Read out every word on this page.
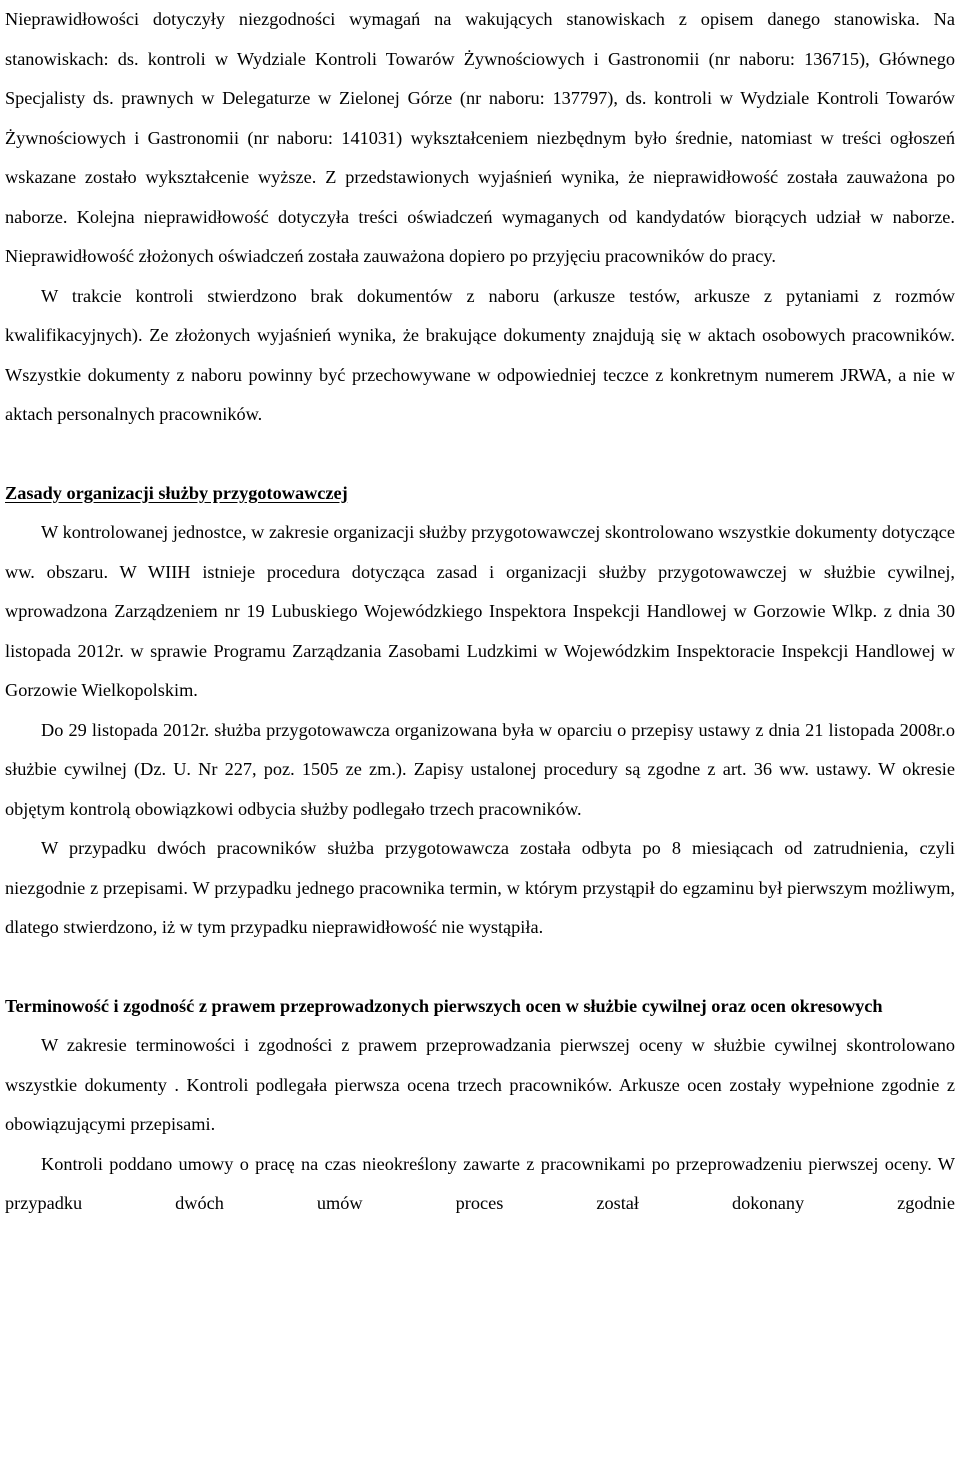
Nieprawidłowości dotyczyły niezgodności wymagań na wakujących stanowiskach z opisem danego stanowiska. Na stanowiskach: ds. kontroli w Wydziale Kontroli Towarów Żywnościowych i Gastronomii (nr naboru: 136715), Głównego Specjalisty ds. prawnych w Delegaturze w Zielonej Górze (nr naboru: 137797), ds. kontroli w Wydziale Kontroli Towarów Żywnościowych i Gastronomii (nr naboru: 141031) wykształceniem niezbędnym było średnie, natomiast w treści ogłoszeń wskazane zostało wykształcenie wyższe. Z przedstawionych wyjaśnień wynika, że nieprawidłowość została zauważona po naborze. Kolejna nieprawidłowość dotyczyła treści oświadczeń wymaganych od kandydatów biorących udział w naborze. Nieprawidłowość złożonych oświadczeń została zauważona dopiero po przyjęciu pracowników do pracy.

W trakcie kontroli stwierdzono brak dokumentów z naboru (arkusze testów, arkusze z pytaniami z rozmów kwalifikacyjnych). Ze złożonych wyjaśnień wynika, że brakujące dokumenty znajdują się w aktach osobowych pracowników. Wszystkie dokumenty z naboru powinny być przechowywane w odpowiedniej teczce z konkretnym numerem JRWA, a nie w aktach personalnych pracowników.

Zasady organizacji służby przygotowawczej

W kontrolowanej jednostce, w zakresie organizacji służby przygotowawczej skontrolowano wszystkie dokumenty dotyczące ww. obszaru. W WIIH istnieje procedura dotycząca zasad i organizacji służby przygotowawczej w służbie cywilnej, wprowadzona Zarządzeniem nr 19 Lubuskiego Wojewódzkiego Inspektora Inspekcji Handlowej w Gorzowie Wlkp. z dnia 30 listopada 2012r. w sprawie Programu Zarządzania Zasobami Ludzkimi w Wojewódzkim Inspektoracie Inspekcji Handlowej w Gorzowie Wielkopolskim.

Do 29 listopada 2012r. służba przygotowawcza organizowana była w oparciu o przepisy ustawy z dnia 21 listopada 2008r.o służbie cywilnej (Dz. U. Nr 227, poz. 1505 ze zm.). Zapisy ustalonej procedury są zgodne z art. 36 ww. ustawy. W okresie objętym kontrolą obowiązkowi odbycia służby podlegało trzech pracowników.

W przypadku dwóch pracowników służba przygotowawcza została odbyta po 8 miesiącach od zatrudnienia, czyli niezgodnie z przepisami. W przypadku jednego pracownika termin, w którym przystąpił do egzaminu był pierwszym możliwym, dlatego stwierdzono, iż w tym przypadku nieprawidłowość nie wystąpiła.

Terminowość i zgodność z prawem przeprowadzonych pierwszych ocen w służbie cywilnej oraz ocen okresowych

W zakresie terminowości i zgodności z prawem przeprowadzania pierwszej oceny w służbie cywilnej skontrolowano wszystkie dokumenty . Kontroli podlegała pierwsza ocena trzech pracowników. Arkusze ocen zostały wypełnione zgodnie z obowiązującymi przepisami.

Kontroli poddano umowy o pracę na czas nieokreślony zawarte z pracownikami po przeprowadzeniu pierwszej oceny. W przypadku dwóch umów proces został dokonany zgodnie
